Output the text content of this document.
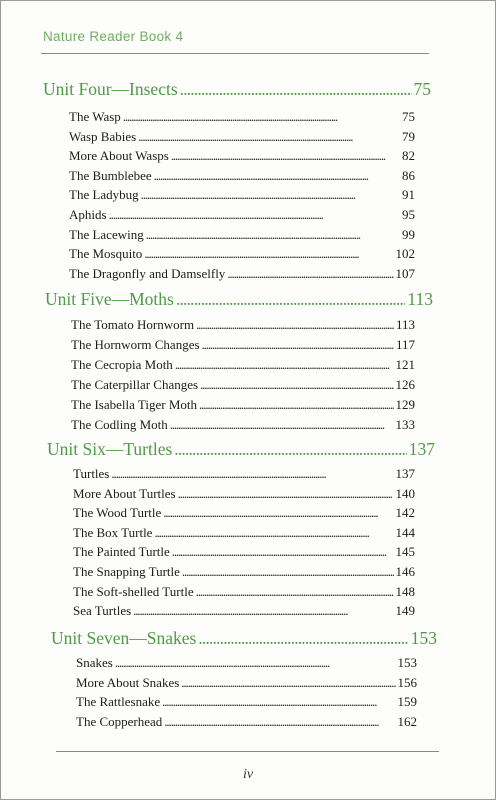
Nature Reader Book 4
Unit Four—Insects . . .	75
The Wasp . . .	75
Wasp Babies . . .	79
More About Wasps . . .	82
The Bumblebee . . .	86
The Ladybug . . .	91
Aphids . . .	95
The Lacewing . . .	99
The Mosquito . . .	102
The Dragonfly and Damselfly . . .	107
Unit Five—Moths . . .	113
The Tomato Hornworm . . .	113
The Hornworm Changes . . .	117
The Cecropia Moth . . .	121
The Caterpillar Changes . . .	126
The Isabella Tiger Moth . . .	129
The Codling Moth . . .	133
Unit Six—Turtles . . .	137
Turtles . . .	137
More About Turtles . . .	140
The Wood Turtle . . .	142
The Box Turtle . . .	144
The Painted Turtle . . .	145
The Snapping Turtle . . .	146
The Soft-shelled Turtle . . .	148
Sea Turtles . . .	149
Unit Seven—Snakes . . .	153
Snakes . . .	153
More About Snakes . . .	156
The Rattlesnake . . .	159
The Copperhead . . .	162
iv
